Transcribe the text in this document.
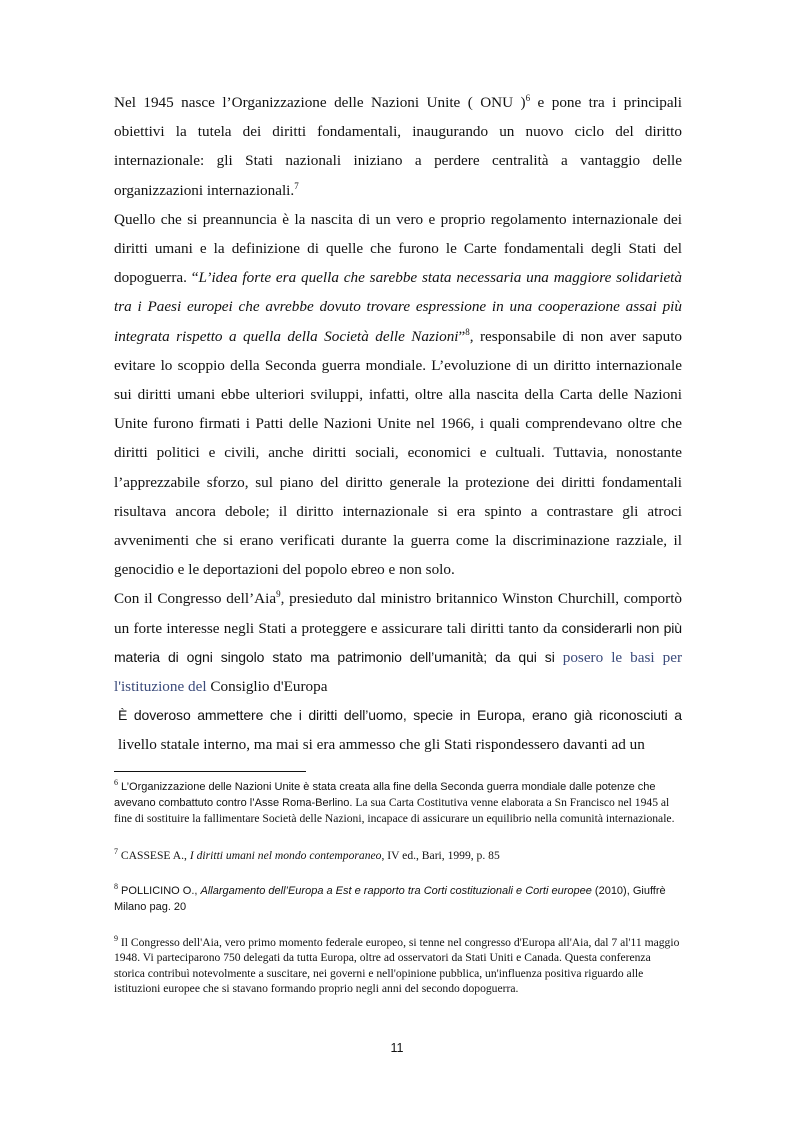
Nel 1945 nasce l’Organizzazione delle Nazioni Unite ( ONU )$^6$ e pone tra i principali obiettivi la tutela dei diritti fondamentali, inaugurando un nuovo ciclo del diritto internazionale: gli Stati nazionali iniziano a perdere centralità a vantaggio delle organizzazioni internazionali.$^7$

Quello che si preannuncia è la nascita di un vero e proprio regolamento internazionale dei diritti umani e la definizione di quelle che furono le Carte fondamentali degli Stati del dopoguerra. “L’idea forte era quella che sarebbe stata necessaria una maggiore solidarietà tra i Paesi europei che avrebbe dovuto trovare espressione in una cooperazione assai più integrata rispetto a quella della Società delle Nazioni”$^8$, responsabile di non aver saputo evitare lo scoppio della Seconda guerra mondiale. L’evoluzione di un diritto internazionale sui diritti umani ebbe ulteriori sviluppi, infatti, oltre alla nascita della Carta delle Nazioni Unite furono firmati i Patti delle Nazioni Unite nel 1966, i quali comprendevano oltre che diritti politici e civili, anche diritti sociali, economici e cultuali. Tuttavia, nonostante l’apprezzabile sforzo, sul piano del diritto generale la protezione dei diritti fondamentali risultava ancora debole; il diritto internazionale si era spinto a contrastare gli atroci avvenimenti che si erano verificati durante la guerra come la discriminazione razziale, il genocidio e le deportazioni del popolo ebreo e non solo.

Con il Congresso dell’Aia$^9$, presieduto dal ministro britannico Winston Churchill, comportò un forte interesse negli Stati a proteggere e assicurare tali diritti tanto da considerarli non più materia di ogni singolo stato ma patrimonio dell’umanità; da qui si posero le basi per l'istituzione del Consiglio d'Europa

È doveroso ammettere che i diritti dell’uomo, specie in Europa, erano già riconosciuti a livello statale interno, ma mai si era ammesso che gli Stati rispondessero davanti ad un

$^6$ L’Organizzazione delle Nazioni Unite è stata creata alla fine della Seconda guerra mondiale dalle potenze che avevano combattuto contro l’Asse Roma-Berlino. La sua Carta Costitutiva venne elaborata a Sn Francisco nel 1945 al fine di sostituire la fallimentare Società delle Nazioni, incapace di assicurare un equilibrio nella comunità internazionale.

$^7$ CASSESE A., I diritti umani nel mondo contemporaneo, IV ed., Bari, 1999, p. 85

$^8$ POLLICINO O., Allargamento dell’Europa a Est e rapporto tra Corti costituzionali e Corti europee (2010), Giuffrè Milano pag. 20

$^9$ Il Congresso dell'Aia, vero primo momento federale europeo, si tenne nel congresso d'Europa all'Aia, dal 7 al'11 maggio 1948. Vi parteciparono 750 delegati da tutta Europa, oltre ad osservatori da Stati Uniti e Canada. Questa conferenza storica contribuì notevolmente a suscitare, nei governi e nell'opinione pubblica, un'influenza positiva riguardo alle istituzioni europee che si stavano formando proprio negli anni del secondo dopoguerra.

11
